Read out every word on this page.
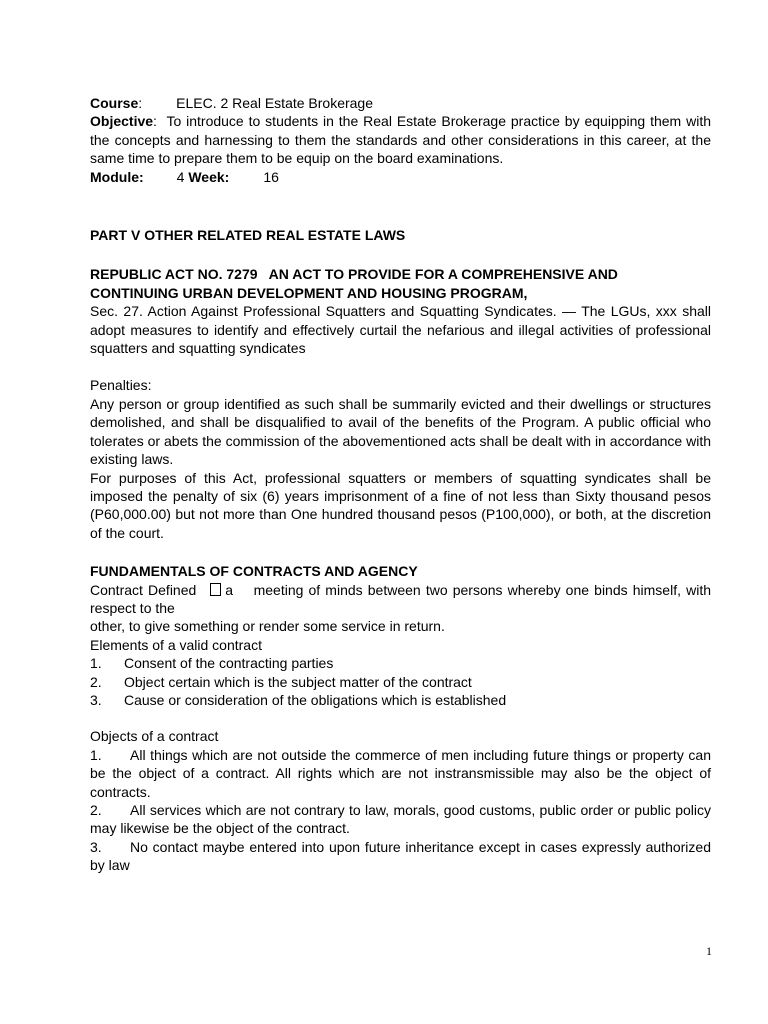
Course: ELEC. 2 Real Estate Brokerage

Objective:  To introduce to students in the Real Estate Brokerage practice by equipping them with the concepts and harnessing to them the standards and other considerations in this career, at the same time to prepare them to be equip on the board examinations.

Module: 4 Week: 16

PART V OTHER RELATED REAL ESTATE LAWS

REPUBLIC ACT NO. 7279   AN ACT TO PROVIDE FOR A COMPREHENSIVE AND

CONTINUING URBAN DEVELOPMENT AND HOUSING PROGRAM,

Sec. 27. Action Against Professional Squatters and Squatting Syndicates. — The LGUs, xxx shall adopt measures to identify and effectively curtail the nefarious and illegal activities of professional squatters and squatting syndicates

Penalties:

Any person or group identified as such shall be summarily evicted and their dwellings or structures demolished, and shall be disqualified to avail of the benefits of the Program. A public official who tolerates or abets the commission of the abovementioned acts shall be dealt with in accordance with existing laws.

For purposes of this Act, professional squatters or members of squatting syndicates shall be imposed the penalty of six (6) years imprisonment of a fine of not less than Sixty thousand pesos (P60,000.00) but not more than One hundred thousand pesos (P100,000), or both, at the discretion of the court.

FUNDAMENTALS OF CONTRACTS AND AGENCY

Contract Defined a meeting of minds between two persons whereby one binds himself, with respect to the

other, to give something or render some service in return.

Elements of a valid contract

1.	Consent of the contracting parties
2.	Object certain which is the subject matter of the contract
3.	Cause or consideration of the obligations which is established

Objects of a contract

1. All things which are not outside the commerce of men including future things or property can be the object of a contract. All rights which are not instransmissible may also be the object of contracts.

2. All services which are not contrary to law, morals, good customs, public order or public policy may likewise be the object of the contract.

3. No contact maybe entered into upon future inheritance except in cases expressly authorized by law

1
